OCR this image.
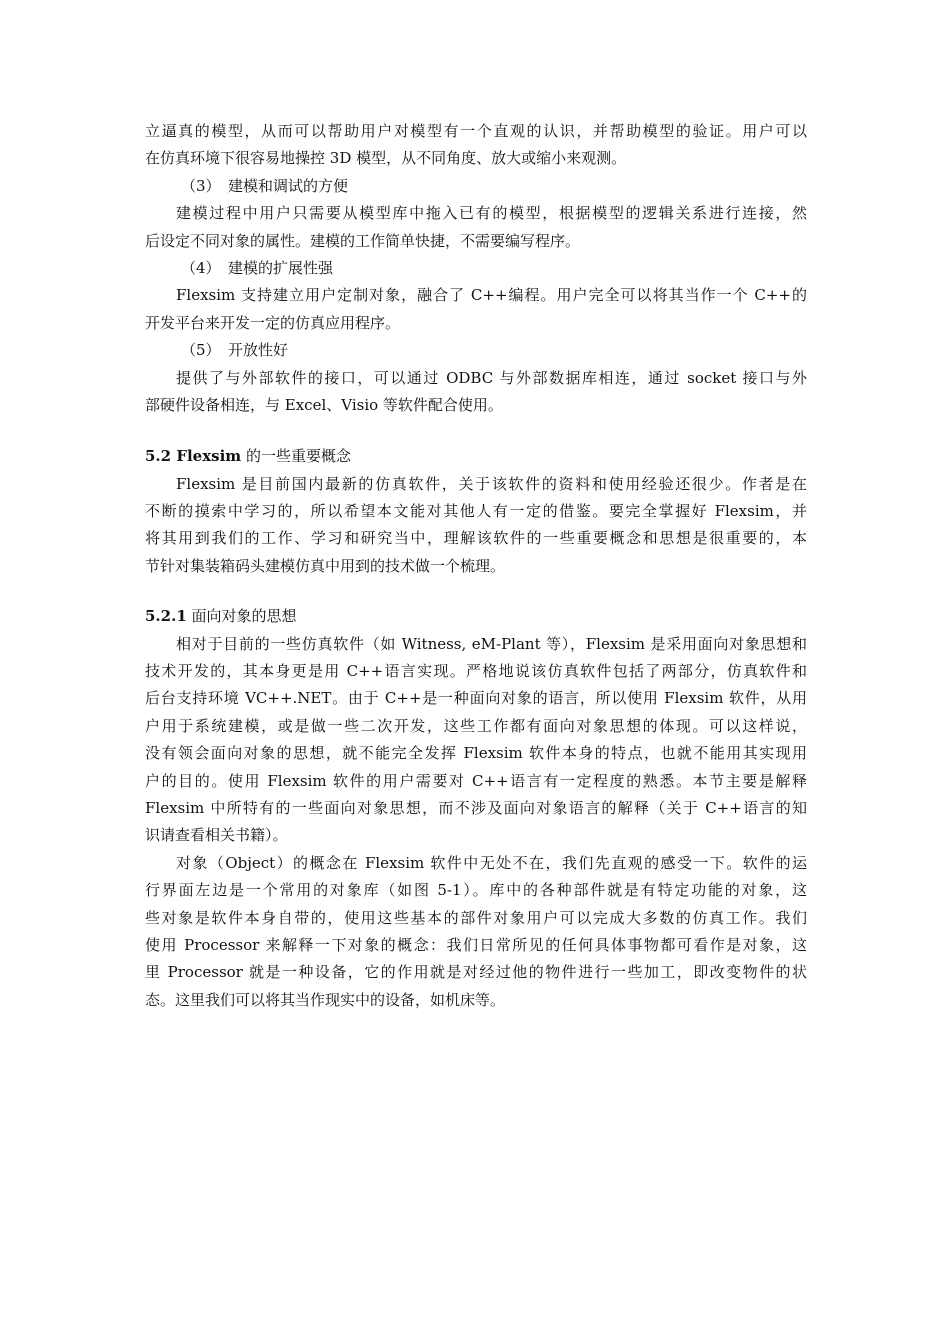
立逼真的模型，从而可以帮助用户对模型有一个直观的认识，并帮助模型的验证。用户可以
在仿真环境下很容易地操控 3D 模型，从不同角度、放大或缩小来观测。
（3）　建模和调试的方便
建模过程中用户只需要从模型库中拖入已有的模型，根据模型的逻辑关系进行连接，然
后设定不同对象的属性。建模的工作简单快捷，不需要编写程序。
（4）　建模的扩展性强
Flexsim 支持建立用户定制对象，融合了 C++编程。用户完全可以将其当作一个 C++的
开发平台来开发一定的仿真应用程序。
（5）　开放性好
提供了与外部软件的接口，可以通过 ODBC 与外部数据库相连，通过 socket 接口与外
部硬件设备相连，与 Excel、Visio 等软件配合使用。
5.2 Flexsim 的一些重要概念
Flexsim 是目前国内最新的仿真软件，关于该软件的资料和使用经验还很少。作者是在
不断的摸索中学习的，所以希望本文能对其他人有一定的借鉴。要完全掌握好 Flexsim，并
将其用到我们的工作、学习和研究当中，理解该软件的一些重要概念和思想是很重要的，本
节针对集装箱码头建模仿真中用到的技术做一个梳理。
5.2.1 面向对象的思想
相对于目前的一些仿真软件（如 Witness, eM-Plant 等），Flexsim 是采用面向对象思想和
技术开发的，其本身更是用 C++语言实现。严格地说该仿真软件包括了两部分，仿真软件和
后台支持环境 VC++.NET。由于 C++是一种面向对象的语言，所以使用 Flexsim 软件，从用
户用于系统建模，或是做一些二次开发，这些工作都有面向对象思想的体现。可以这样说，
没有领会面向对象的思想，就不能完全发挥 Flexsim 软件本身的特点，也就不能用其实现用
户的目的。使用 Flexsim 软件的用户需要对 C++语言有一定程度的熟悉。本节主要是解释
Flexsim 中所特有的一些面向对象思想，而不涉及面向对象语言的解释（关于 C++语言的知
识请查看相关书籍）。
对象（Object）的概念在 Flexsim 软件中无处不在，我们先直观的感受一下。软件的运
行界面左边是一个常用的对象库（如图 5-1）。库中的各种部件就是有特定功能的对象，这
些对象是软件本身自带的，使用这些基本的部件对象用户可以完成大多数的仿真工作。我们
使用 Processor 来解释一下对象的概念：我们日常所见的任何具体事物都可看作是对象，这
里 Processor 就是一种设备，它的作用就是对经过他的物件进行一些加工，即改变物件的状
态。这里我们可以将其当作现实中的设备，如机床等。
